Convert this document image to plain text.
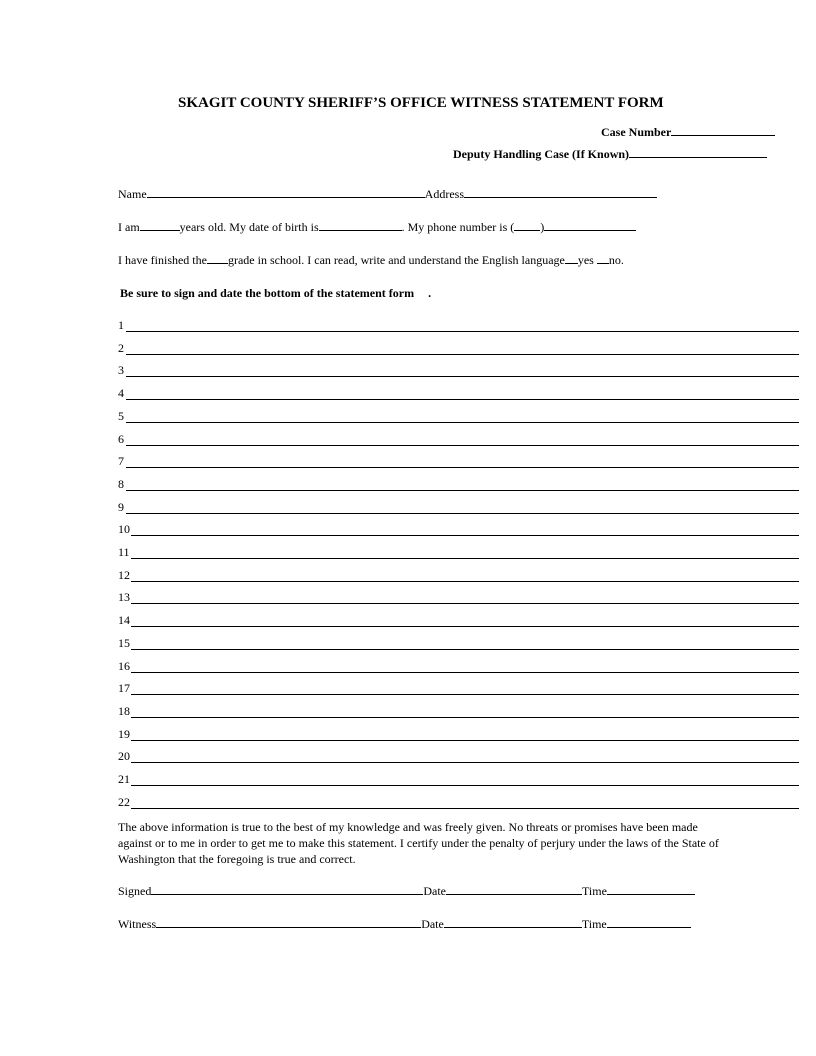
SKAGIT COUNTY SHERIFF’S OFFICE WITNESS STATEMENT FORM
Case Number
Deputy Handling Case (If Known)
Name	Address
I am	years old. My date of birth is	. My phone number is ( )
I have finished the grade in school. I can read, write and understand the English language yes no.
Be sure to sign and date the bottom of the statement form .
1
2
3
4
5
6
7
8
9
10
11
12
13
14
15
16
17
18
19
20
21
22
The above information is true to the best of my knowledge and was freely given. No threats or promises have been made
against or to me in order to get me to make this statement. I certify under the penalty of perjury under the laws of the State of
Washington that the foregoing is true and correct.
Signed	Date	Time
Witness	Date	Time
